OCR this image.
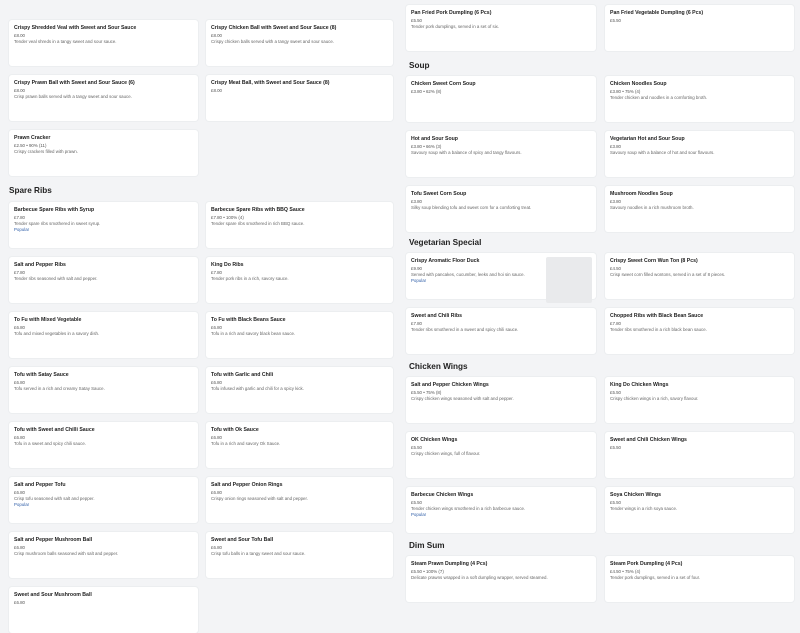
Crispy Shredded Veal with Sweet and Sour Sauce
£8.00
Tender veal shreds in a tangy sweet and sour sauce.
Crispy Chicken Ball with Sweet and Sour Sauce (8)
£8.00
Crispy chicken balls served with a tangy sweet and sour sauce.
Crispy Prawn Ball with Sweet and Sour Sauce (6)
£8.00
Crisp prawn balls served with a tangy sweet and sour sauce.
Crispy Meat Ball, with Sweet and Sour Sauce (8)
£8.00
Prawn Cracker
£2.50 • 90% (11)
Crispy crackers filled with prawn.
Spare Ribs
Barbecue Spare Ribs with Syrup
£7.80
Tender spare ribs smothered in sweet syrup.
Popular
Barbecue Spare Ribs with BBQ Sauce
£7.80 • 100% (4)
Tender spare ribs smothered in rich BBQ sauce.
Salt and Pepper Ribs
£7.80
Tender ribs seasoned with salt and pepper.
King Do Ribs
£7.80
Tender pork ribs in a rich, savory sauce.
To Fu with Mixed Vegetable
£6.80
Tofu and mixed vegetables in a savory dish.
To Fu with Black Beans Sauce
£6.80
Tofu in a rich and savory black bean sauce.
Tofu with Satay Sauce
£6.80
Tofu served in a rich and creamy Satay Sauce.
Tofu with Garlic and Chili
£6.80
Tofu infused with garlic and chili for a spicy kick.
Tofu with Sweet and Chilli Sauce
£6.80
Tofu in a sweet and spicy chili sauce.
Tofu with Ok Sauce
£6.80
Tofu in a rich and savory Ok Sauce.
Salt and Pepper Tofu
£6.80
Crisp tofu seasoned with salt and pepper.
Popular
Salt and Pepper Onion Rings
£6.80
Crispy onion rings seasoned with salt and pepper.
Salt and Pepper Mushroom Ball
£6.80
Crisp mushroom balls seasoned with salt and pepper.
Sweet and Sour Tofu Ball
£6.80
Crisp tofu balls in a tangy sweet and sour sauce.
Sweet and Sour Mushroom Ball
£6.80
Pan Fried Pork Dumpling (6 Pcs)
£5.50
Tender pork dumplings, served in a set of six.
Pan Fried Vegetable Dumpling (6 Pcs)
£5.50
Soup
Chicken Sweet Corn Soup
£3.80 • 62% (8)
Chicken Noodles Soup
£3.80 • 75% (4)
Tender chicken and noodles in a comforting broth.
Hot and Sour Soup
£3.80 • 66% (3)
Savoury soup with a balance of spicy and tangy flavours.
Vegetarian Hot and Sour Soup
£3.80
Savoury soup with a balance of hot and sour flavours.
Tofu Sweet Corn Soup
£3.80
Silky soup blending tofu and sweet corn for a comforting treat.
Mushroom Noodles Soup
£3.80
Savoury noodles in a rich mushroom broth.
Vegetarian Special
Crispy Aromatic Floor Duck
£9.90
Served with pancakes, cucumber, leeks and hoi sin sauce.
Popular
Crispy Sweet Corn Wun Ton (8 Pcs)
£4.50
Crisp sweet corn filled wontons, served in a set of 8 pieces.
Sweet and Chili Ribs
£7.80
Tender ribs smothered in a sweet and spicy chili sauce.
Chopped Ribs with Black Bean Sauce
£7.80
Tender ribs smothered in a rich black bean sauce.
Chicken Wings
Salt and Pepper Chicken Wings
£5.50 • 75% (8)
Crispy chicken wings seasoned with salt and pepper.
King Do Chicken Wings
£5.50
Crispy chicken wings in a rich, savory flavour.
OK Chicken Wings
£5.50
Crispy chicken wings, full of flavour.
Sweet and Chili Chicken Wings
£5.50
Barbecue Chicken Wings
£5.50
Tender chicken wings smothered in a rich barbecue sauce.
Popular
Soya Chicken Wings
£5.50
Tender wings in a rich soya sauce.
Dim Sum
Steam Prawn Dumpling (4 Pcs)
£5.50 • 100% (7)
Delicate prawns wrapped in a soft dumpling wrapper, served steamed.
Steam Pork Dumpling (4 Pcs)
£4.50 • 75% (4)
Tender pork dumplings, served in a set of four.
